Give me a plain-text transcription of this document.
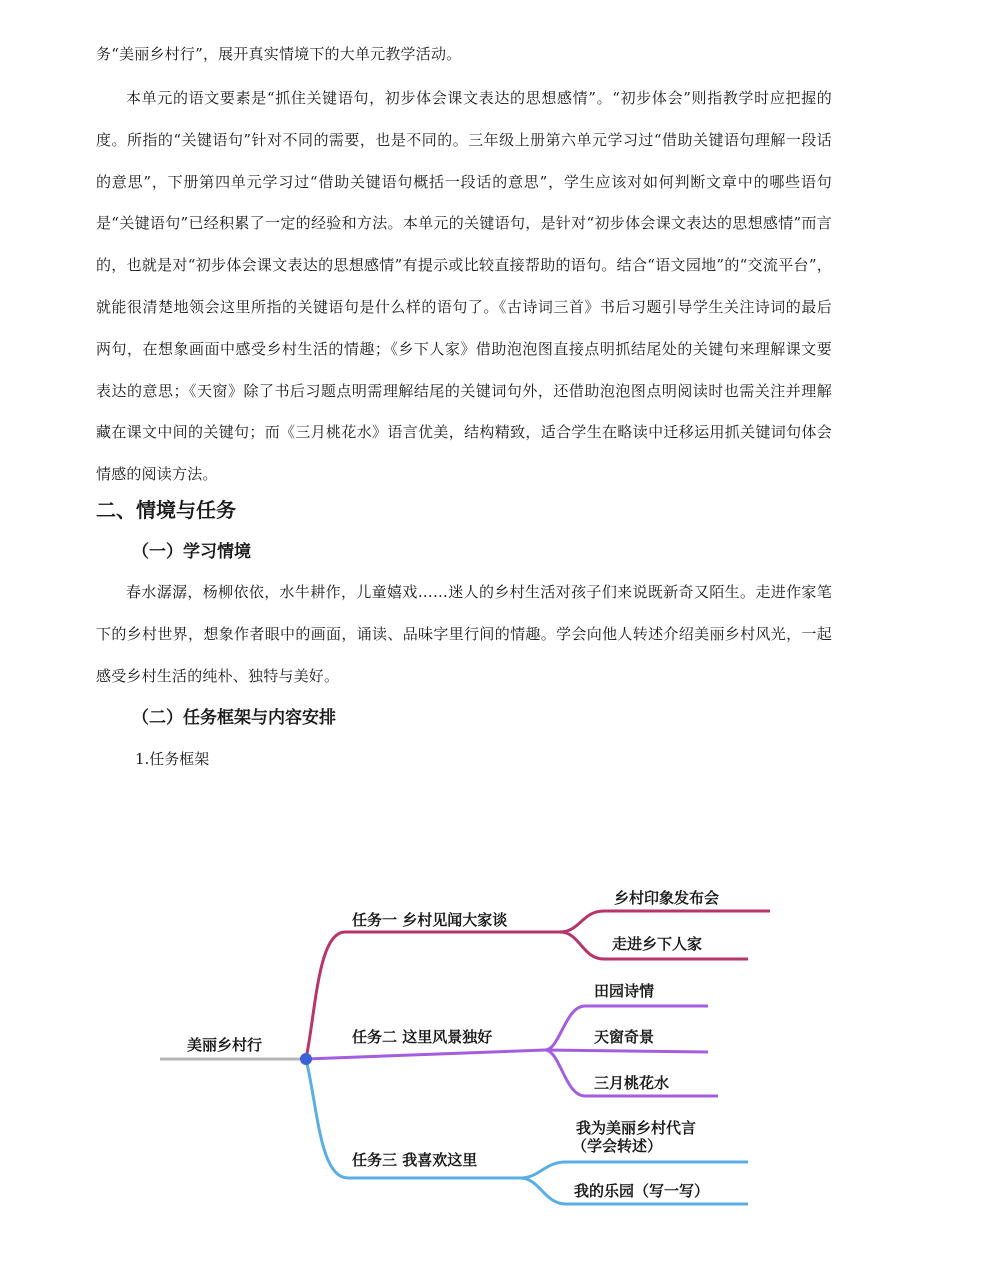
务“美丽乡村行”，展开真实情境下的大单元教学活动。

本单元的语文要素是“抓住关键语句，初步体会课文表达的思想感情”。“初步体会”则指教学时应把握的度。所指的“关键语句”针对不同的需要，也是不同的。三年级上册第六单元学习过“借助关键语句理解一段话的意思”，下册第四单元学习过“借助关键语句概括一段话的意思”，学生应该对如何判断文章中的哪些语句是“关键语句”已经积累了一定的经验和方法。本单元的关键语句，是针对“初步体会课文表达的思想感情”而言的，也就是对“初步体会课文表达的思想感情”有提示或比较直接帮助的语句。结合“语文园地”的“交流平台”，就能很清楚地领会这里所指的关键语句是什么样的语句了。《古诗词三首》书后习题引导学生关注诗词的最后两句，在想象画面中感受乡村生活的情趣；《乡下人家》借助泡泡图直接点明抓结尾处的关键句来理解课文要表达的意思；《天窗》除了书后习题点明需理解结尾的关键词句外，还借助泡泡图点明阅读时也需关注并理解藏在课文中间的关键句；而《三月桃花水》语言优美，结构精致，适合学生在略读中迁移运用抓关键词句体会情感的阅读方法。

二、情境与任务
（一）学习情境

春水潺潺，杨柳依依，水牛耕作，儿童嬉戏……迷人的乡村生活对孩子们来说既新奇又陌生。走进作家笔下的乡村世界，想象作者眼中的画面，诵读、品味字里行间的情趣。学会向他人转述介绍美丽乡村风光，一起感受乡村生活的纯朴、独特与美好。

（二）任务框架与内容安排

1.任务框架

美丽乡村行
任务一 乡村见闻大家谈
乡村印象发布会
走进乡下人家
任务二 这里风景独好
田园诗情
天窗奇景
三月桃花水
任务三 我喜欢这里
我为美丽乡村代言
（学会转述）
我的乐园（写一写）
